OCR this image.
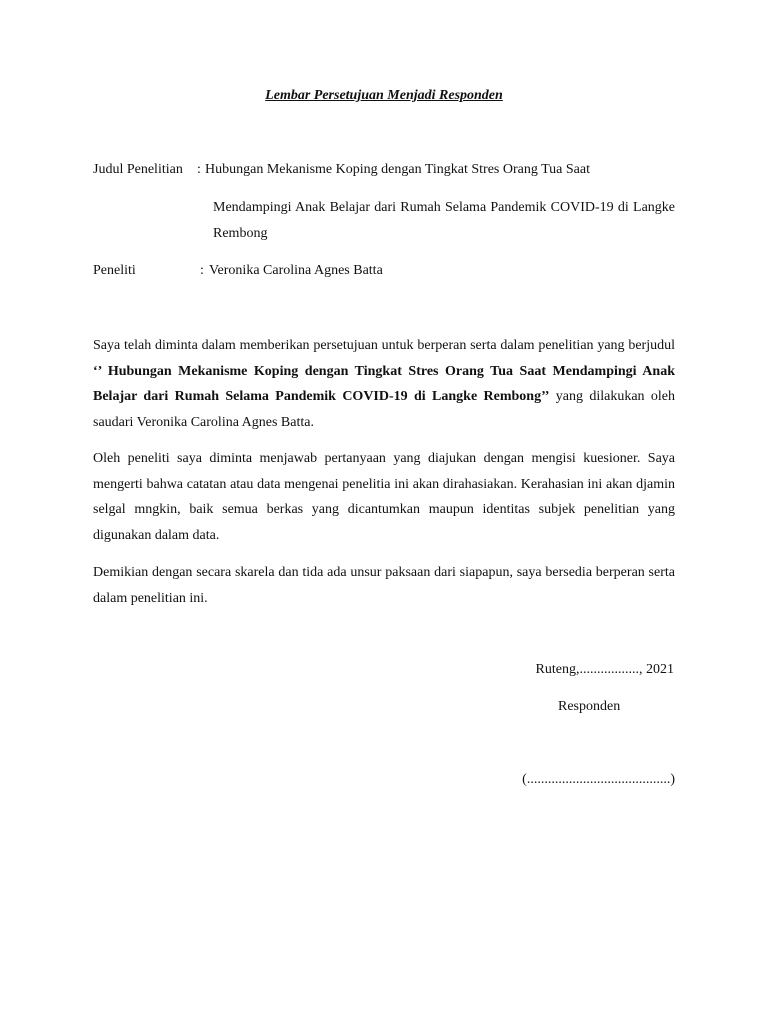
Lembar Persetujuan Menjadi Responden
Judul Penelitian : Hubungan Mekanisme Koping dengan Tingkat Stres Orang Tua Saat
Mendampingi Anak Belajar dari Rumah Selama Pandemik COVID-19 di Langke Rembong
Peneliti	: Veronika Carolina Agnes Batta
Saya telah diminta dalam memberikan persetujuan untuk berperan serta dalam penelitian yang berjudul ‘’ Hubungan Mekanisme Koping dengan Tingkat Stres Orang Tua Saat Mendampingi Anak Belajar dari Rumah Selama Pandemik COVID-19 di Langke Rembong’’ yang dilakukan oleh saudari Veronika Carolina Agnes Batta.
Oleh peneliti saya diminta menjawab pertanyaan yang diajukan dengan mengisi kuesioner. Saya mengerti bahwa catatan atau data mengenai penelitia ini akan dirahasiakan. Kerahasian ini akan djamin selgal mngkin, baik semua berkas yang dicantumkan maupun identitas subjek penelitian yang digunakan dalam data.
Demikian dengan secara skarela dan tida ada unsur paksaan dari siapapun, saya bersedia berperan serta dalam penelitian ini.
Ruteng,................., 2021
Responden
(.........................................)
